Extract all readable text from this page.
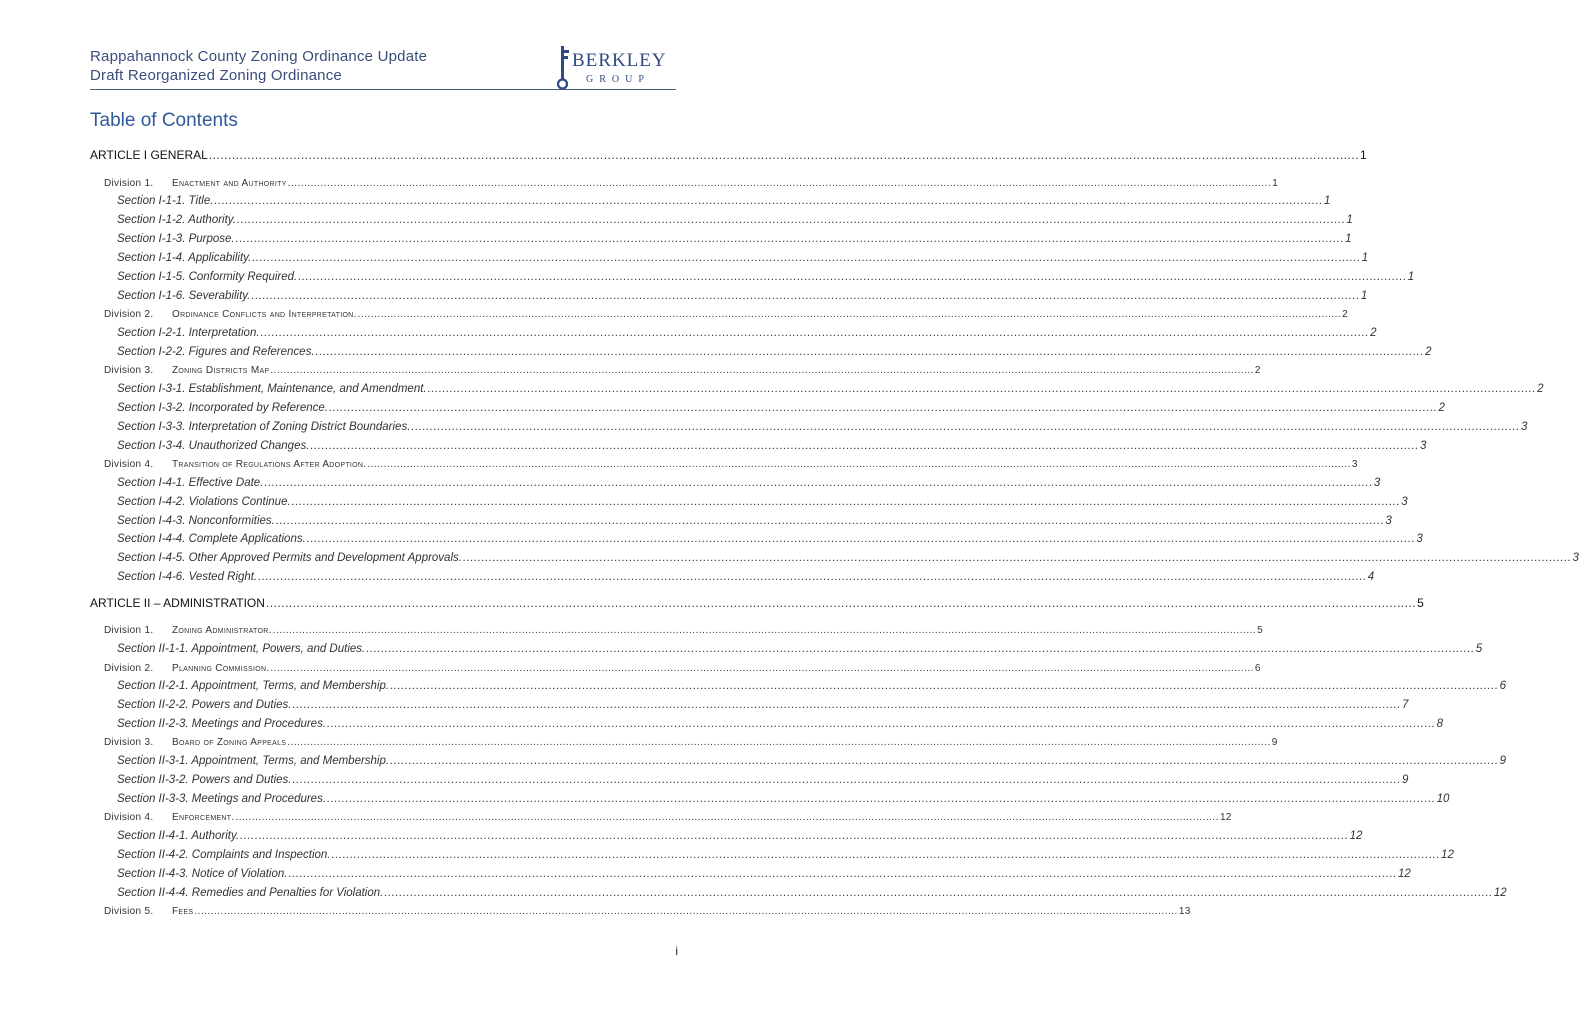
Rappahannock County Zoning Ordinance Update
Draft Reorganized Zoning Ordinance
BERKLEY
GROUP
Table of Contents
ARTICLE I GENERAL ............................................................................................................................................................................................................................................................................................................ 1
Division 1. Enactment and Authority ............................................................................................................................................................................................................................................................................................................ 1
Section I-1-1. Title. ............................................................................................................................................................................................................................................................................................................ 1
Section I-1-2. Authority. ............................................................................................................................................................................................................................................................................................................ 1
Section I-1-3. Purpose. ............................................................................................................................................................................................................................................................................................................ 1
Section I-1-4. Applicability. ............................................................................................................................................................................................................................................................................................................ 1
Section I-1-5. Conformity Required. ............................................................................................................................................................................................................................................................................................................ 1
Section I-1-6. Severability. ............................................................................................................................................................................................................................................................................................................ 1
Division 2. Ordinance Conflicts and Interpretation. ............................................................................................................................................................................................................................................................................................................ 2
Section I-2-1. Interpretation. ............................................................................................................................................................................................................................................................................................................ 2
Section I-2-2. Figures and References. ............................................................................................................................................................................................................................................................................................................ 2
Division 3. Zoning Districts Map ............................................................................................................................................................................................................................................................................................................ 2
Section I-3-1. Establishment, Maintenance, and Amendment. ............................................................................................................................................................................................................................................................................................................ 2
Section I-3-2. Incorporated by Reference. ............................................................................................................................................................................................................................................................................................................ 2
Section I-3-3. Interpretation of Zoning District Boundaries. ............................................................................................................................................................................................................................................................................................................ 3
Section I-3-4. Unauthorized Changes. ............................................................................................................................................................................................................................................................................................................ 3
Division 4. Transition of Regulations After Adoption. ............................................................................................................................................................................................................................................................................................................ 3
Section I-4-1. Effective Date. ............................................................................................................................................................................................................................................................................................................ 3
Section I-4-2. Violations Continue. ............................................................................................................................................................................................................................................................................................................ 3
Section I-4-3. Nonconformities. ............................................................................................................................................................................................................................................................................................................ 3
Section I-4-4. Complete Applications. ............................................................................................................................................................................................................................................................................................................ 3
Section I-4-5. Other Approved Permits and Development Approvals. ............................................................................................................................................................................................................................................................................................................ 3
Section I-4-6. Vested Right. ............................................................................................................................................................................................................................................................................................................ 4
ARTICLE II – ADMINISTRATION ............................................................................................................................................................................................................................................................................................................ 5
Division 1. Zoning Administrator. ............................................................................................................................................................................................................................................................................................................ 5
Section II-1-1. Appointment, Powers, and Duties. ............................................................................................................................................................................................................................................................................................................ 5
Division 2. Planning Commission. ............................................................................................................................................................................................................................................................................................................ 6
Section II-2-1. Appointment, Terms, and Membership. ............................................................................................................................................................................................................................................................................................................ 6
Section II-2-2. Powers and Duties. ............................................................................................................................................................................................................................................................................................................ 7
Section II-2-3. Meetings and Procedures. ............................................................................................................................................................................................................................................................................................................ 8
Division 3. Board of Zoning Appeals ............................................................................................................................................................................................................................................................................................................ 9
Section II-3-1. Appointment, Terms, and Membership. ............................................................................................................................................................................................................................................................................................................ 9
Section II-3-2. Powers and Duties. ............................................................................................................................................................................................................................................................................................................ 9
Section II-3-3. Meetings and Procedures. ............................................................................................................................................................................................................................................................................................................ 10
Division 4. Enforcement. ............................................................................................................................................................................................................................................................................................................ 12
Section II-4-1. Authority. ............................................................................................................................................................................................................................................................................................................ 12
Section II-4-2. Complaints and Inspection. ............................................................................................................................................................................................................................................................................................................ 12
Section II-4-3. Notice of Violation. ............................................................................................................................................................................................................................................................................................................ 12
Section II-4-4. Remedies and Penalties for Violation. ............................................................................................................................................................................................................................................................................................................ 12
Division 5. Fees ............................................................................................................................................................................................................................................................................................................ 13
i
